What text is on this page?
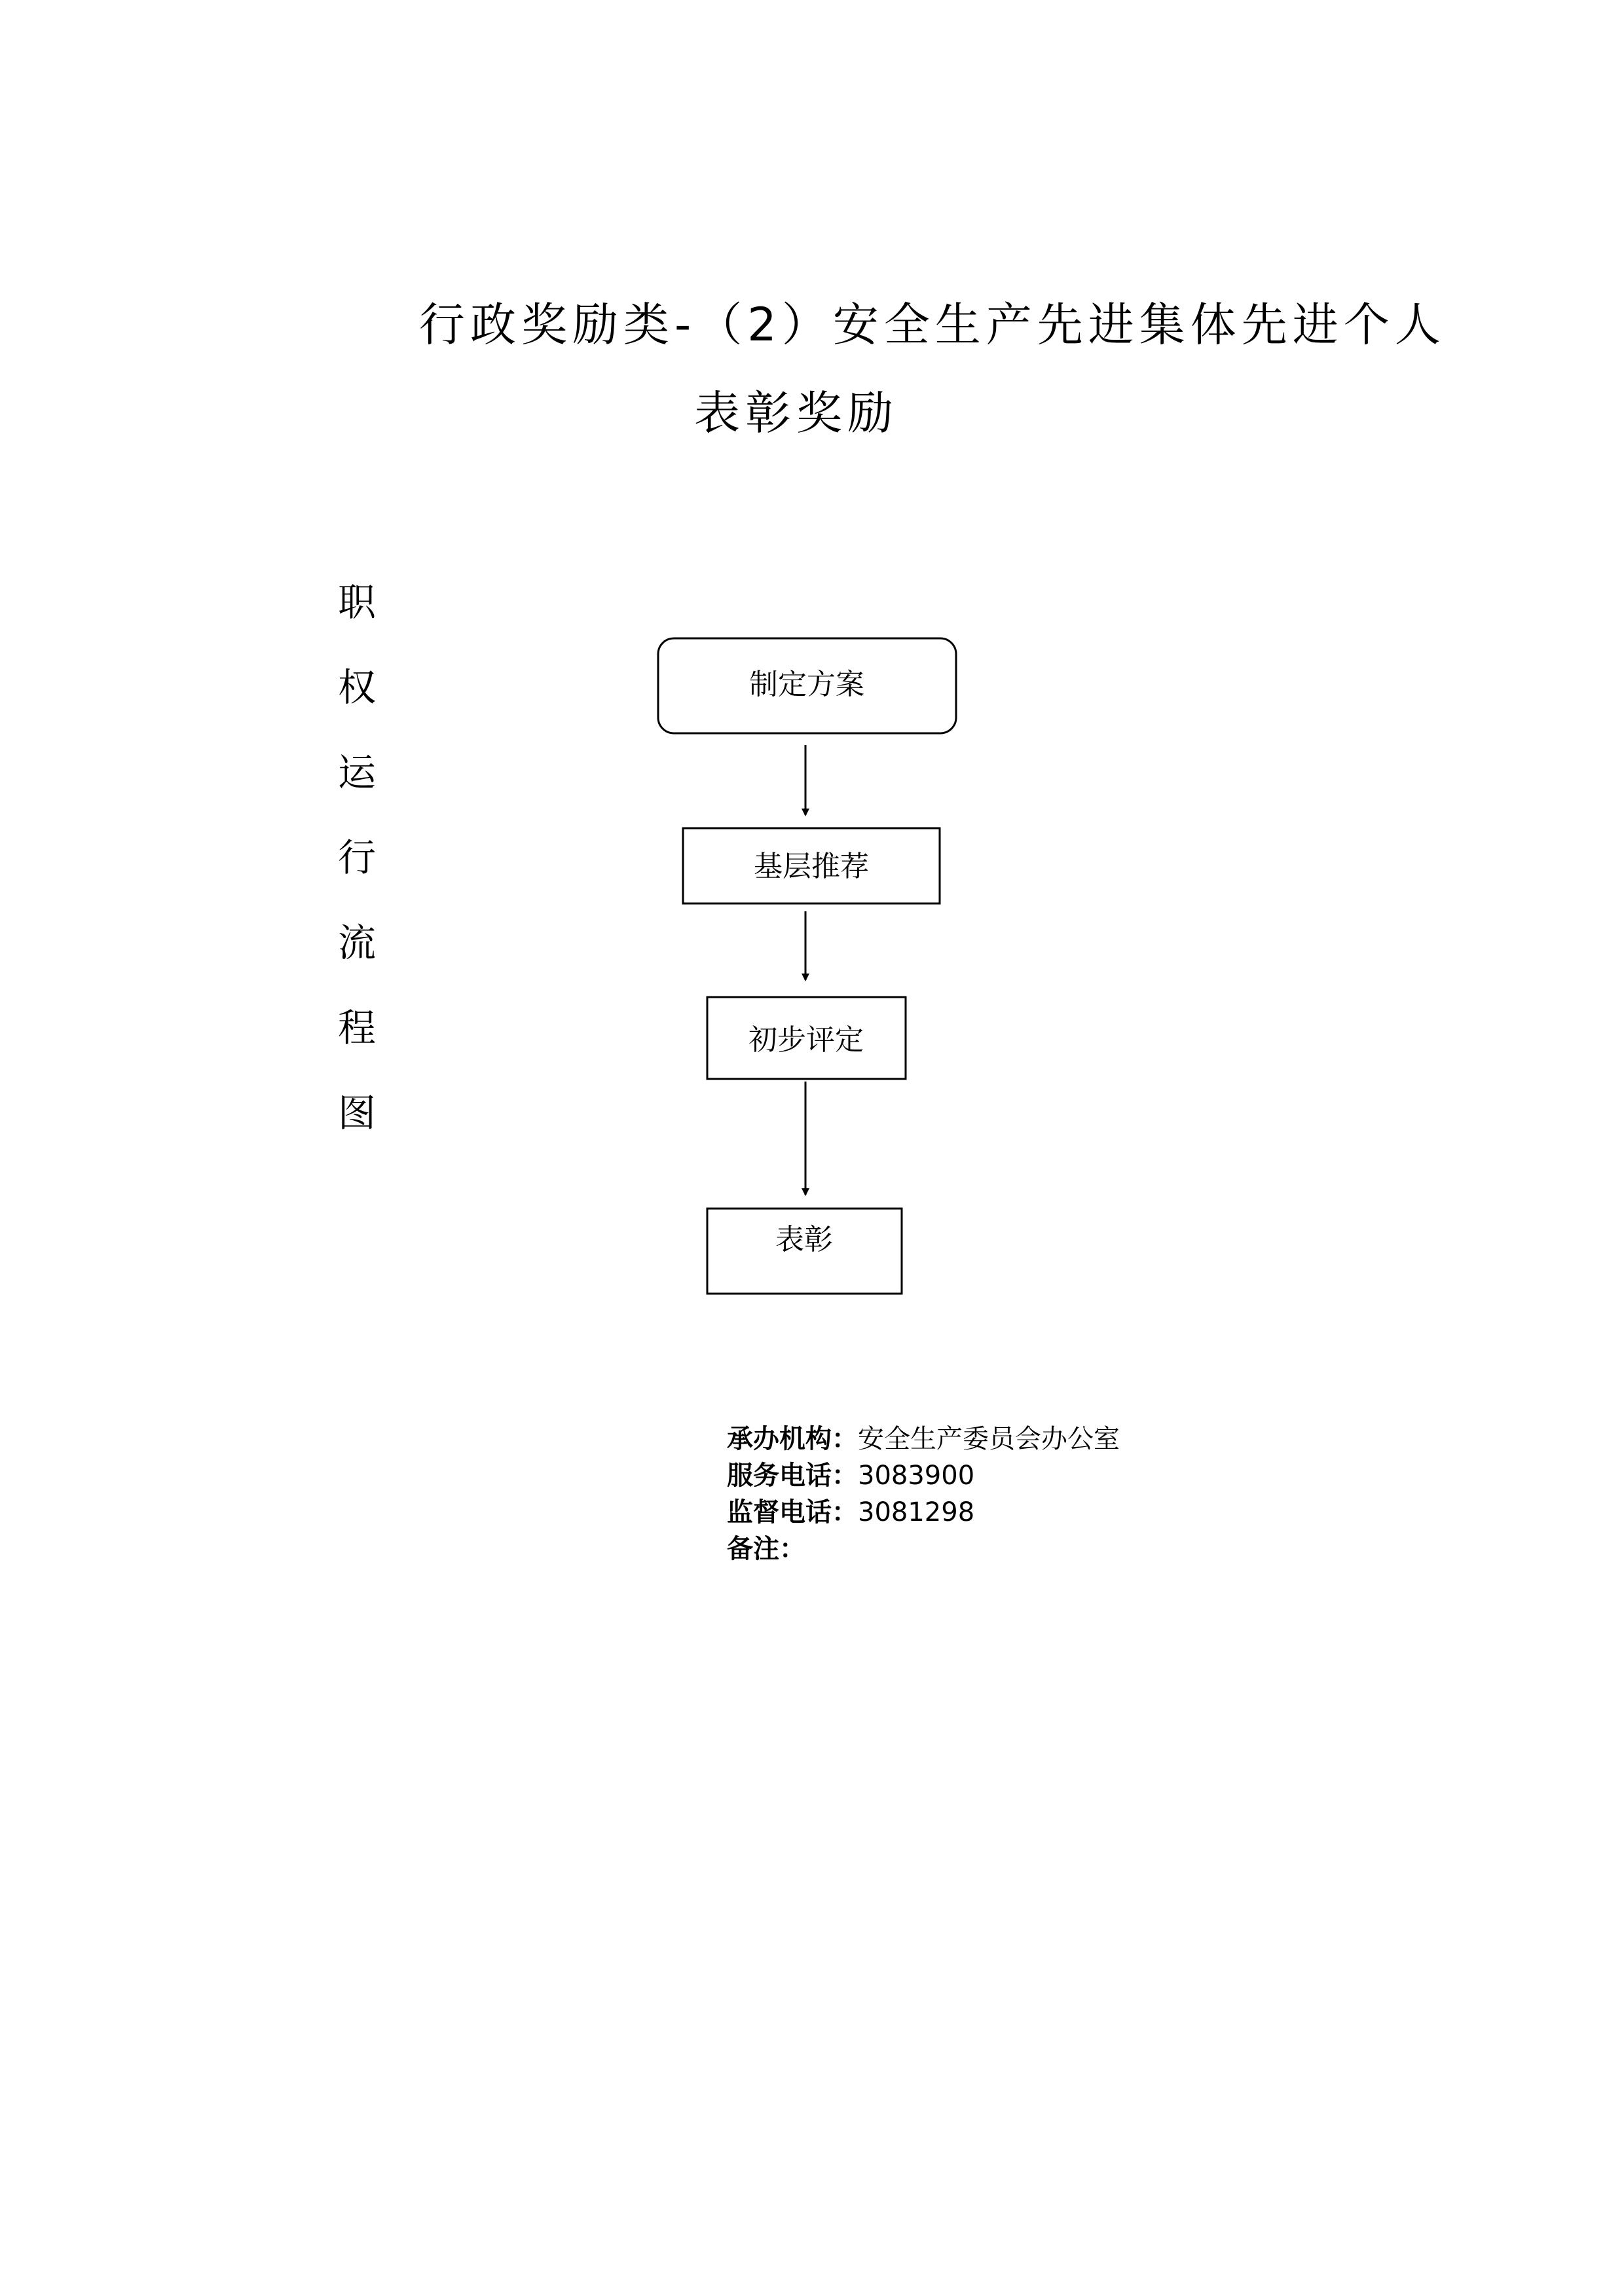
行政奖励类-（2）安全生产先进集体先进个人
表彰奖励
职
权
运
行
流
程
图
制定方案
基层推荐
初步评定
表彰
承办机构：安全生产委员会办公室
服务电话：3083900
监督电话：3081298
备注：
